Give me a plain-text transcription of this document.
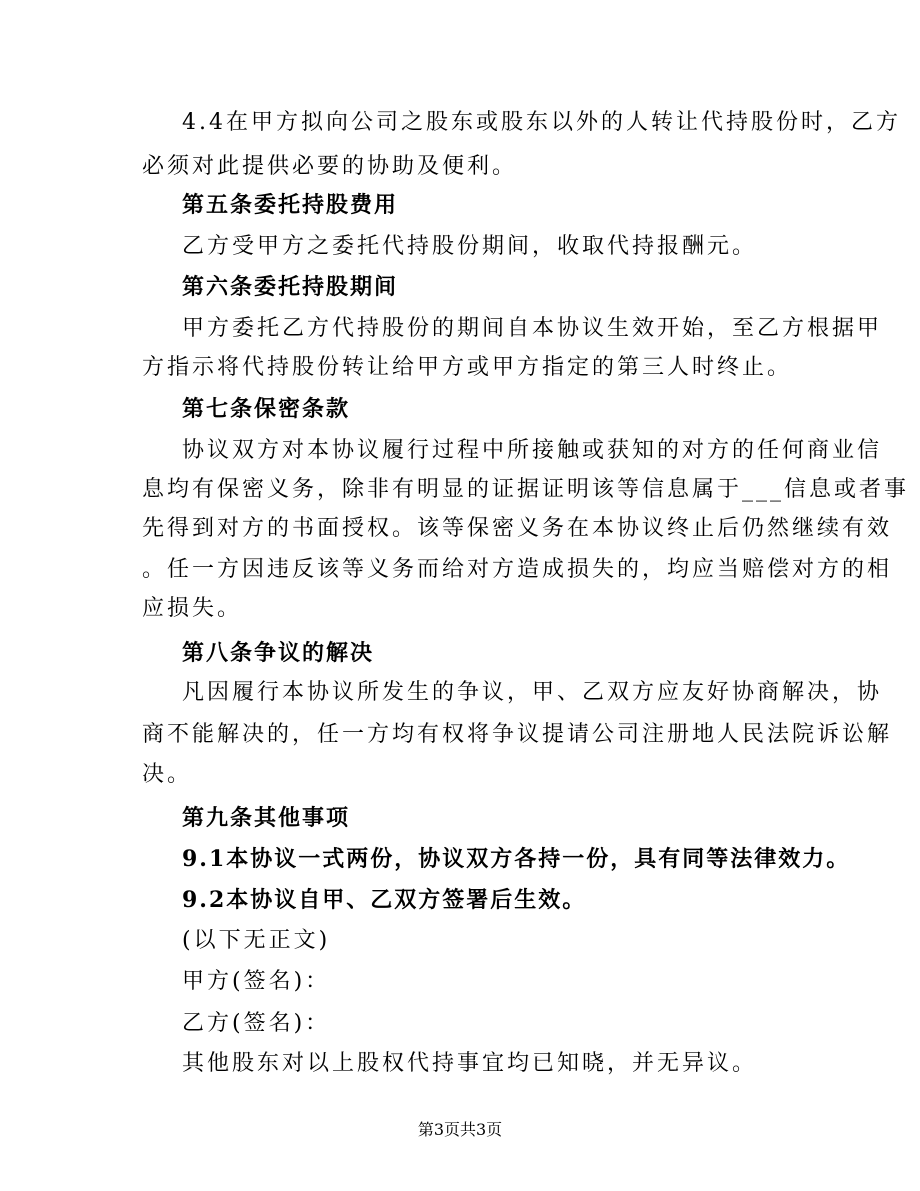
4.4在甲方拟向公司之股东或股东以外的人转让代持股份时，乙方
必须对此提供必要的协助及便利。
第五条委托持股费用
乙方受甲方之委托代持股份期间，收取代持报酬元。
第六条委托持股期间
甲方委托乙方代持股份的期间自本协议生效开始，至乙方根据甲
方指示将代持股份转让给甲方或甲方指定的第三人时终止。
第七条保密条款
协议双方对本协议履行过程中所接触或获知的对方的任何商业信
息均有保密义务，除非有明显的证据证明该等信息属于___信息或者事
先得到对方的书面授权。该等保密义务在本协议终止后仍然继续有效
。任一方因违反该等义务而给对方造成损失的，均应当赔偿对方的相
应损失。
第八条争议的解决
凡因履行本协议所发生的争议，甲、乙双方应友好协商解决，协
商不能解决的，任一方均有权将争议提请公司注册地人民法院诉讼解
决。
第九条其他事项
9.1本协议一式两份，协议双方各持一份，具有同等法律效力。
9.2本协议自甲、乙双方签署后生效。
(以下无正文)
甲方(签名)：
乙方(签名)：
其他股东对以上股权代持事宜均已知晓，并无异议。
第3页共3页
